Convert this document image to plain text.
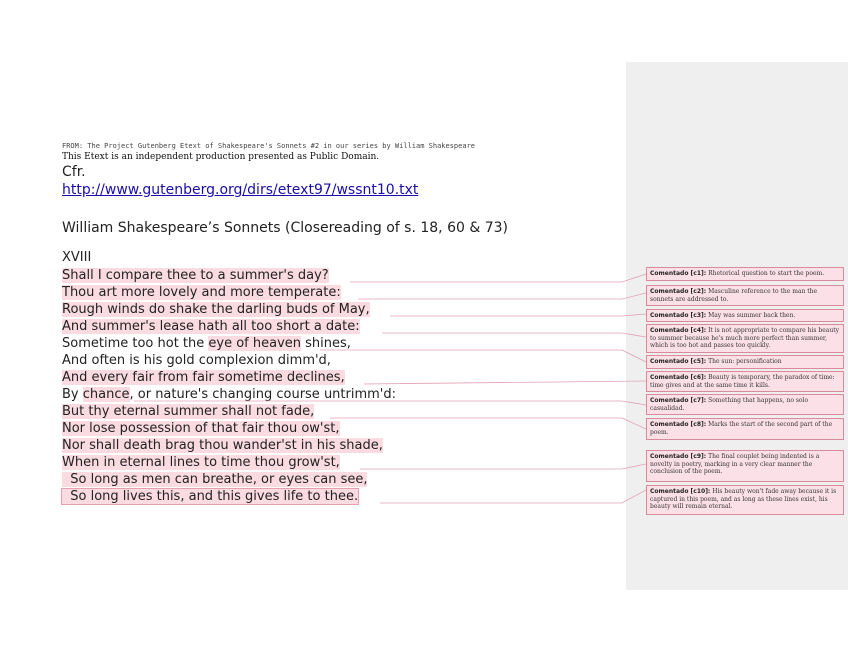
FROM: The Project Gutenberg Etext of Shakespeare's Sonnets #2 in our series by William Shakespeare
This Etext is an independent production presented as Public Domain.
Cfr.
http://www.gutenberg.org/dirs/etext97/wssnt10.txt
William Shakespeare’s Sonnets (Closereading of s. 18, 60 & 73)
XVIII
Shall I compare thee to a summer's day?
Thou art more lovely and more temperate:
Rough winds do shake the darling buds of May,
And summer's lease hath all too short a date:
Sometime too hot the eye of heaven shines,
And often is his gold complexion dimm'd,
And every fair from fair sometime declines,
By chance, or nature's changing course untrimm'd:
But thy eternal summer shall not fade,
Nor lose possession of that fair thou ow'st,
Nor shall death brag thou wander'st in his shade,
When in eternal lines to time thou grow'st,
So long as men can breathe, or eyes can see,
So long lives this, and this gives life to thee.
Comentado [c1]: Rhetorical question to start the poem.
Comentado [c2]: Masculine reference to the man the sonnets are addressed to.
Comentado [c3]: May was summer back then.
Comentado [c4]: It is not appropriate to compare his beauty to summer because he's much more perfect than summer, which is too hot and passes too quickly.
Comentado [c5]: The sun: personification
Comentado [c6]: Beauty is temporary, the paradox of time: time gives and at the same time it kills.
Comentado [c7]: Something that happens, no solo casualidad.
Comentado [c8]: Marks the start of the second part of the poem.
Comentado [c9]: The final couplet being indented is a novelty in poetry, marking in a very clear manner the conclusion of the poem.
Comentado [c10]: His beauty won't fade away because it is captured in this poem, and as long as these lines exist, his beauty will remain eternal.
